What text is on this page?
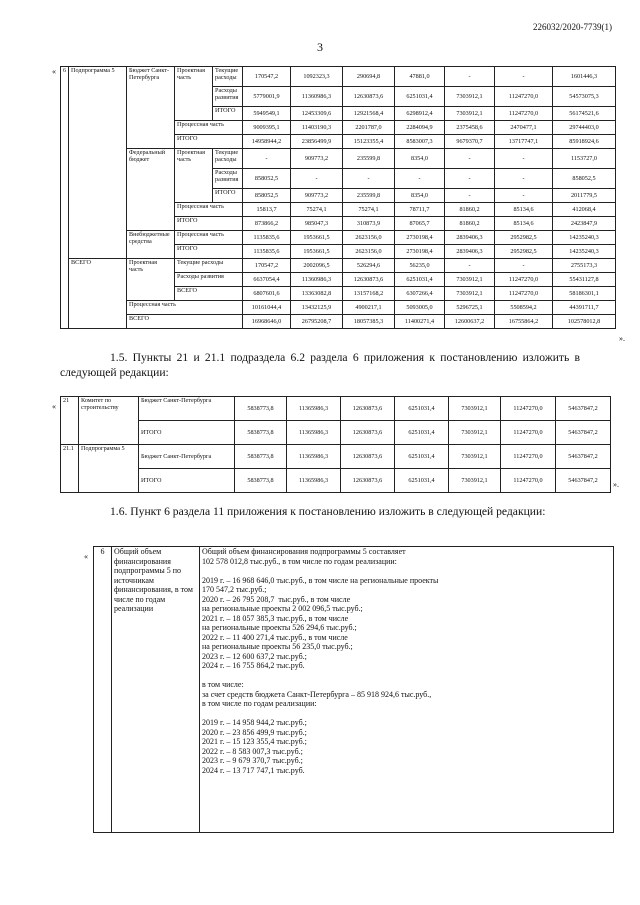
226032/2020-7739(1)
3
« 6	Подпрограмма 5	Бюджет Санкт-Петербурга	Проектная часть	Текущие расходы	170547,2	1092323,3	290694,8	47881,0	-	-	1601446,3
				Расходы развития	5779001,9	11360986,3	12630873,6	6251031,4	7303912,1	11247270,0	54573075,3
				ИТОГО	5949549,1	12453309,6	12921568,4	6298912,4	7303912,1	11247270,0	56174521,6
			Процессная часть		9009395,1	11403190,3	2201787,0	2284094,9	2375458,6	2470477,1	29744403,0
			ИТОГО		14958944,2	23856499,9	15123355,4	8583007,3	9679370,7	13717747,1	85918924,6
		Федеральный бюджет	Проектная часть	Текущие расходы	-	909773,2	235599,8	8354,0	-	-	1153727,0
				Расходы развития	858052,5	-	-	-	-	-	858052,5
				ИТОГО	858052,5	909773,2	235599,8	8354,0	-	-	2011779,5
			Процессная часть		15813,7	75274,1	75274,1	78711,7	81860,2	85134,6	412068,4
			ИТОГО		873866,2	985047,3	310873,9	87065,7	81860,2	85134,6	2423847,9
		Внебюджетные средства	Процессная часть		1135835,6	1953661,5	2623156,0	2730198,4	2839406,3	2952982,5	14235240,3
			ИТОГО		1135835,6	1953661,5	2623156,0	2730198,4	2839406,3	2952982,5	14235240,3
	ВСЕГО	Проектная часть	Текущие расходы		170547,2	2002096,5	526294,6	56235,0	-	-	2755173,3
			Расходы развития		6637054,4	11360986,3	12630873,6	6251031,4	7303912,1	11247270,0	55431127,8
			ВСЕГО		6807601,6	13363082,8	13157168,2	6307266,4	7303912,1	11247270,0	58186301,1
		Процессная часть			10161044,4	13432125,9	4900217,1	5093005,0	5296725,1	5508594,2	44391711,7
		ВСЕГО			16968646,0	26795208,7	18057385,3	11400271,4	12600637,2	16755864,2	102578012,8
».
1.5. Пункты 21 и 21.1 подраздела 6.2 раздела 6 приложения к постановлению изложить в следующей редакции:
«
21	Комитет по строительству	Бюджет Санкт-Петербурга	5838773,8	11365986,3	12630873,6	6251031,4	7303912,1	11247270,0	54637847,2
		ИТОГО	5838773,8	11365986,3	12630873,6	6251031,4	7303912,1	11247270,0	54637847,2
21.1	Подпрограмма 5	Бюджет Санкт-Петербурга	5838773,8	11365986,3	12630873,6	6251031,4	7303912,1	11247270,0	54637847,2
		ИТОГО	5838773,8	11365986,3	12630873,6	6251031,4	7303912,1	11247270,0	54637847,2 ».
1.6. Пункт 6 раздела 11 приложения к постановлению изложить в следующей редакции:
«
6	Общий объем финансирования подпрограммы 5 по источникам финансирования, в том числе по годам реализации	Общий объем финансирования подпрограммы 5 составляет
102 578 012,8 тыс.руб., в том числе по годам реализации:

2019 г. – 16 968 646,0 тыс.руб., в том числе на региональные проекты
170 547,2 тыс.руб.;
2020 г. – 26 795 208,7  тыс.руб., в том числе
на региональные проекты 2 002 096,5 тыс.руб.;
2021 г. – 18 057 385,3 тыс.руб., в том числе
на региональные проекты 526 294,6 тыс.руб.;
2022 г. – 11 400 271,4 тыс.руб., в том числе
на региональные проекты 56 235,0 тыс.руб.;
2023 г. – 12 600 637,2 тыс.руб.;
2024 г. – 16 755 864,2 тыс.руб.

в том числе:
за счет средств бюджета Санкт-Петербурга – 85 918 924,6 тыс.руб.,
в том числе по годам реализации:

2019 г. – 14 958 944,2 тыс.руб.;
2020 г. – 23 856 499,9 тыс.руб.;
2021 г. – 15 123 355,4 тыс.руб.;
2022 г. – 8 583 007,3 тыс.руб.;
2023 г. – 9 679 370,7 тыс.руб.;
2024 г. – 13 717 747,1 тыс.руб.
